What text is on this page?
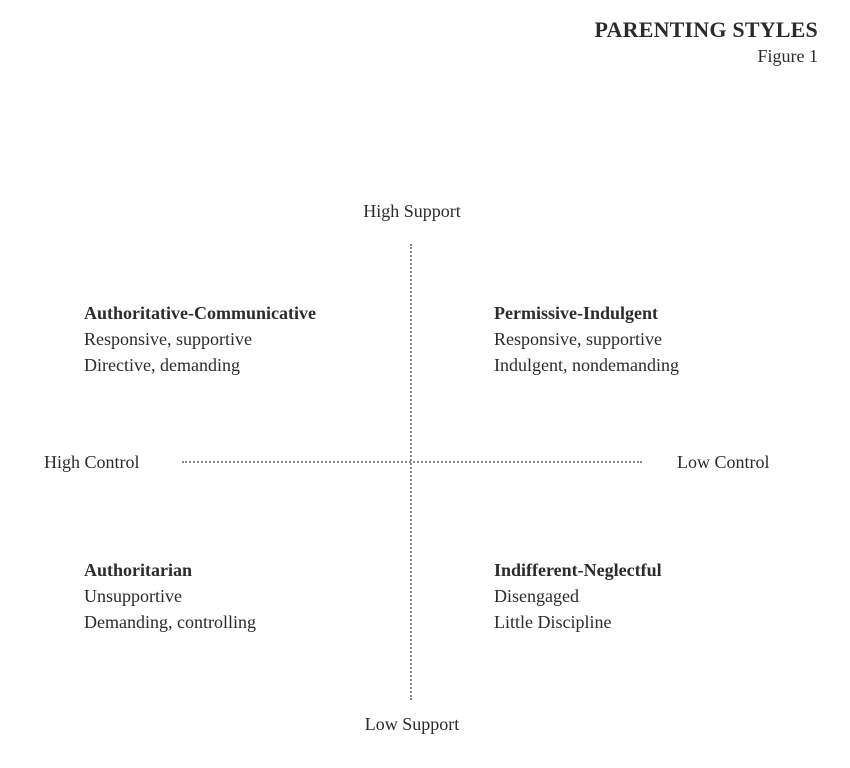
PARENTING STYLES
Figure 1
High Support
Low Support
High Control	Low Control
Authoritative-Communicative
Responsive, supportive
Directive, demanding
Permissive-Indulgent
Responsive, supportive
Indulgent, nondemanding
Authoritarian
Unsupportive
Demanding, controlling
Indifferent-Neglectful
Disengaged
Little Discipline
